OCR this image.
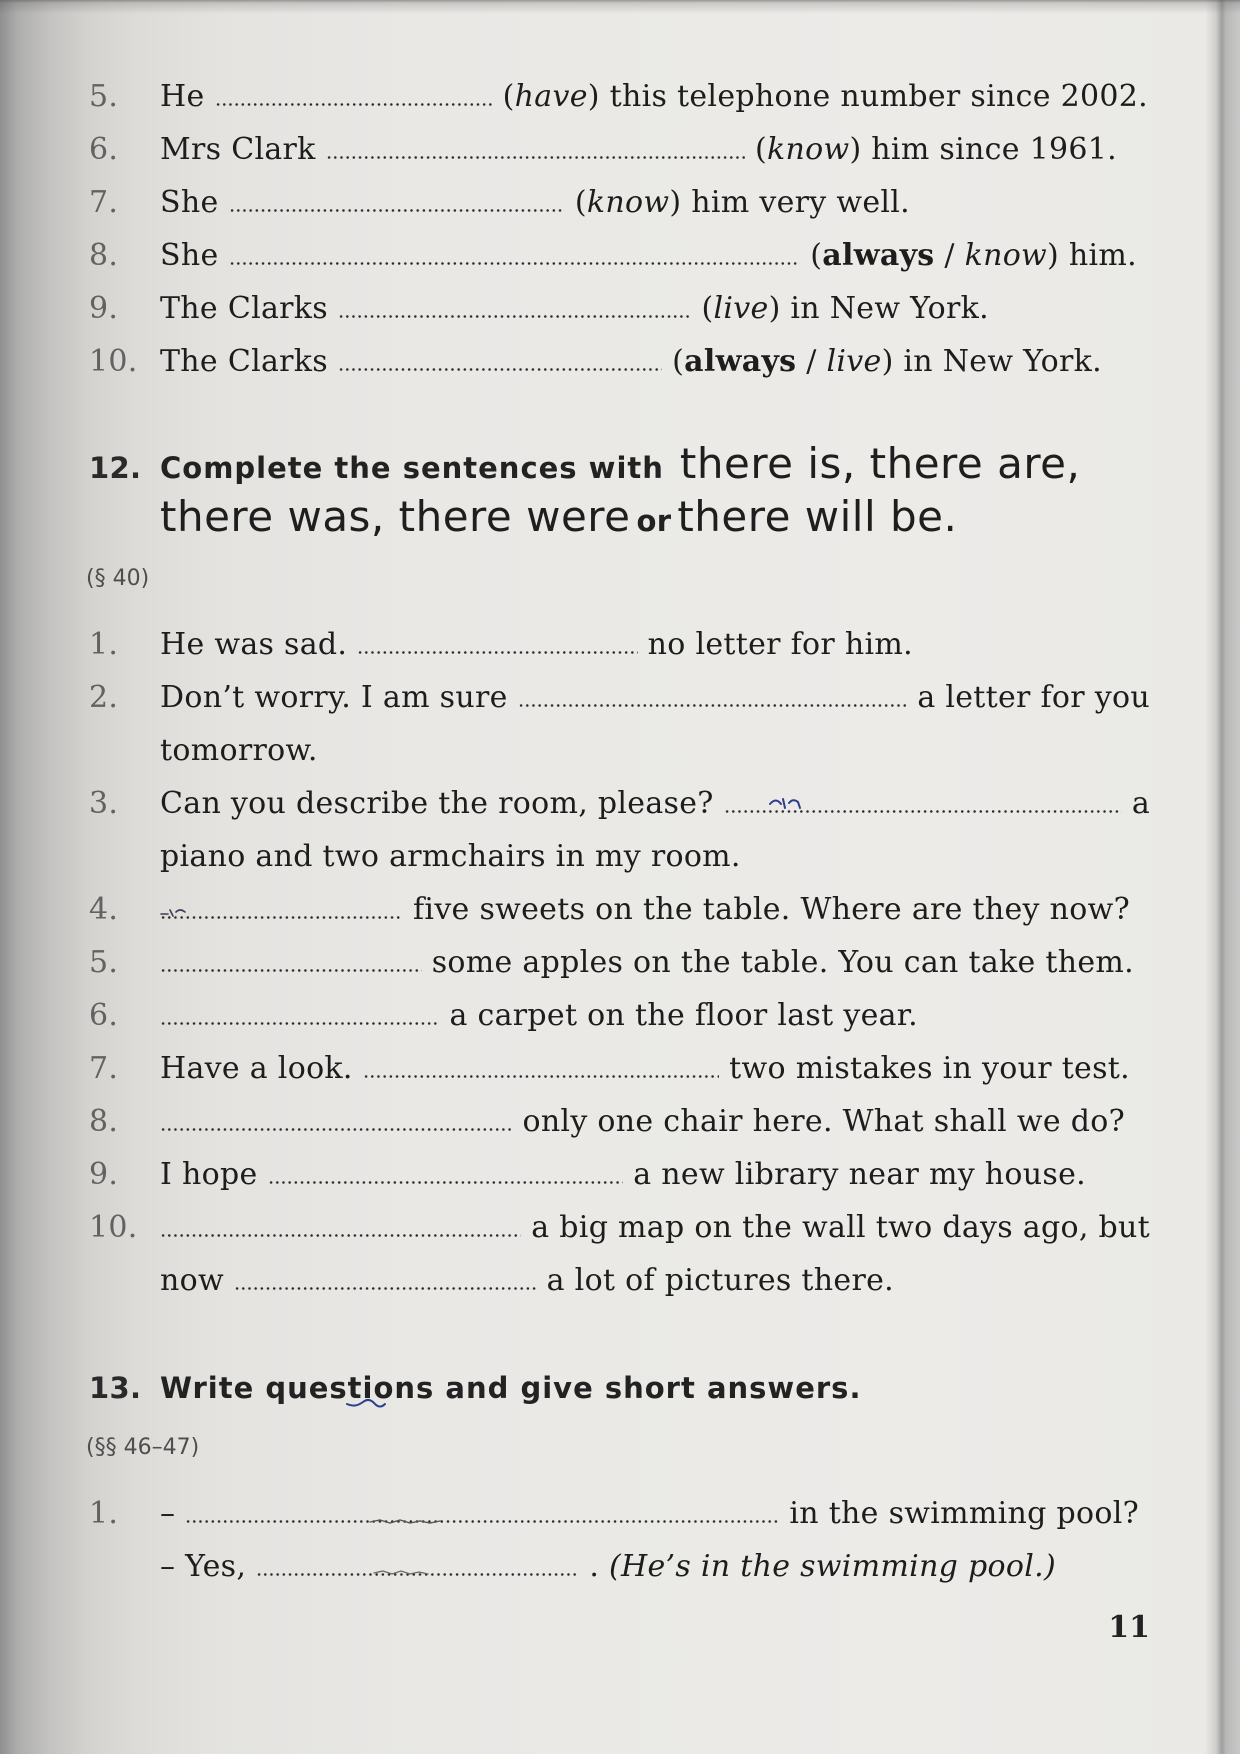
5.	He	(have) this telephone number since 2002.
6.	Mrs Clark	(know) him since 1961.
7.	She	(know) him very well.
8.	She	(always / know) him.
9.	The Clarks	(live) in New York.
10. The Clarks	(always / live) in New York.
12. Complete the sentences with there is, there are,
there was, there were or there will be.
(§ 40)
1.	He was sad.	no letter for him.
2.	Don’t worry. I am sure	a letter for you
tomorrow.
3.	Can you describe the room, please?	a
piano and two armchairs in my room.
4.	five sweets on the table. Where are they now?
5.	some apples on the table. You can take them.
6.	a carpet on the floor last year.
7.	Have a look.	two mistakes in your test.
8.	only one chair here. What shall we do?
9.	I hope	a new library near my house.
10.	a big map on the wall two days ago, but
now	a lot of pictures there.
13. Write questions and give short answers.
(§§ 46–47)
1.	–	in the swimming pool?
– Yes,	. (He’s in the swimming pool.)
11
